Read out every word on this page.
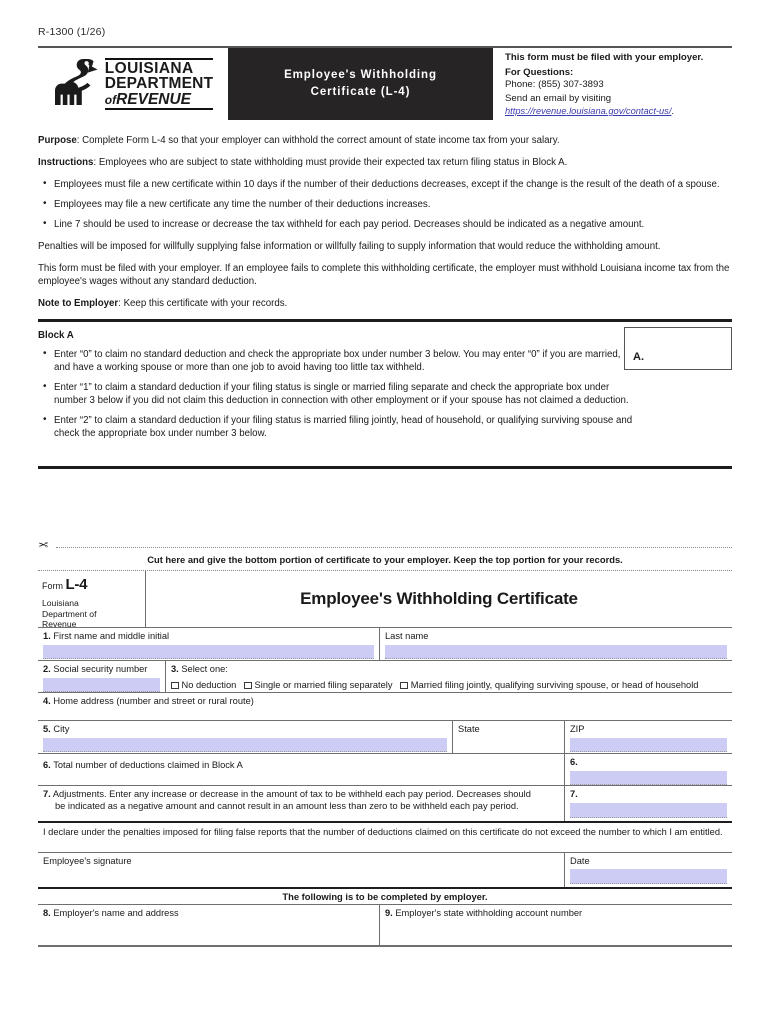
R-1300 (1/26)
LOUISIANA
DEPARTMENT
ofREVENUE
Employee's Withholding
Certificate (L-4)
This form must be filed with your employer.
For Questions:
Phone: (855) 307-3893
Send an email by visiting
https://revenue.louisiana.gov/contact-us/.

Purpose: Complete Form L-4 so that your employer can withhold the correct amount of state income tax from your salary.

Instructions: Employees who are subject to state withholding must provide their expected tax return filing status in Block A.

• Employees must file a new certificate within 10 days if the number of their deductions decreases, except if the change is the result of the death of a spouse.
• Employees may file a new certificate any time the number of their deductions increases.
• Line 7 should be used to increase or decrease the tax withheld for each pay period. Decreases should be indicated as a negative amount.

Penalties will be imposed for willfully supplying false information or willfully failing to supply information that would reduce the withholding amount.

This form must be filed with your employer. If an employee fails to complete this withholding certificate, the employer must withhold Louisiana income tax from the employee's wages without any standard deduction.

Note to Employer: Keep this certificate with your records.

Block A
• Enter “0” to claim no standard deduction and check the appropriate box under number 3 below. You may enter “0” if you are married, and have a working spouse or more than one job to avoid having too little tax withheld.
• Enter “1” to claim a standard deduction if your filing status is single or married filing separate and check the appropriate box under number 3 below if you did not claim this deduction in connection with other employment or if your spouse has not claimed a deduction.
• Enter “2” to claim a standard deduction if your filing status is married filing jointly, head of household, or qualifying surviving spouse and check the appropriate box under number 3 below.
A.
✂
Cut here and give the bottom portion of certificate to your employer. Keep the top portion for your records.
Form L-4
Louisiana
Department of
Revenue
Employee's Withholding Certificate
1. First name and middle initial	Last name
2. Social security number	3. Select one:
No deduction Single or married filing separately Married filing jointly, qualifying surviving spouse, or head of household
4. Home address (number and street or rural route)
5. City	State	ZIP
6. Total number of deductions claimed in Block A	6.
7. Adjustments. Enter any increase or decrease in the amount of tax to be withheld each pay period. Decreases should
be indicated as a negative amount and cannot result in an amount less than zero to be withheld each pay period.
7.
I declare under the penalties imposed for filing false reports that the number of deductions claimed on this certificate do not exceed the number to which I am entitled.
Employee's signature	Date
The following is to be completed by employer.
8. Employer's name and address	9. Employer's state withholding account number
